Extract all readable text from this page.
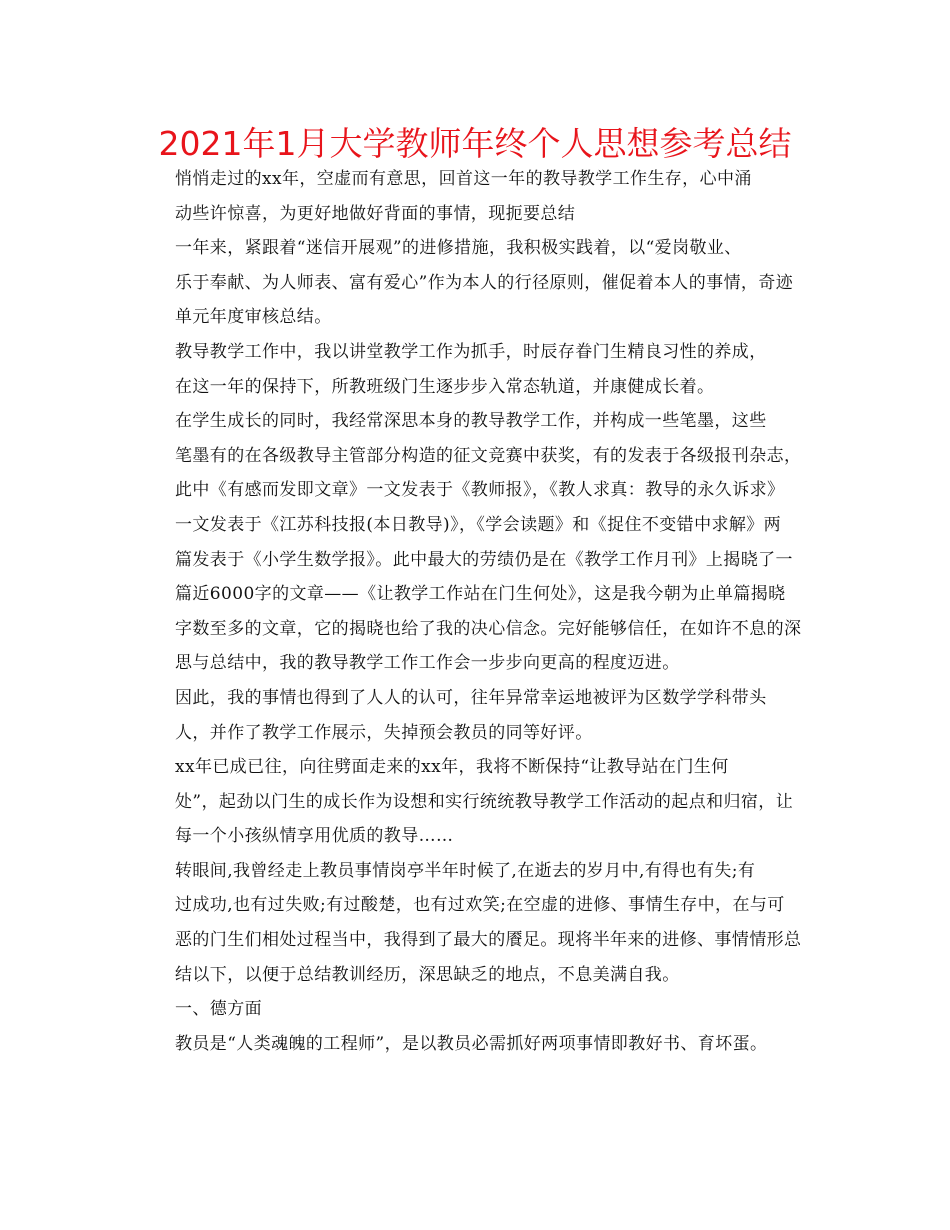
2021年1月大学教师年终个人思想参考总结

悄悄走过的xx年，空虚而有意思，回首这一年的教导教学工作生存，心中涌
动些许惊喜，为更好地做好背面的事情，现扼要总结

一年来，紧跟着“迷信开展观”的进修措施，我积极实践着，以“爱岗敬业、
乐于奉献、为人师表、富有爱心”作为本人的行径原则，催促着本人的事情，奇迹
单元年度审核总结。

教导教学工作中，我以讲堂教学工作为抓手，时辰存眷门生精良习性的养成，
在这一年的保持下，所教班级门生逐步步入常态轨道，并康健成长着。

在学生成长的同时，我经常深思本身的教导教学工作，并构成一些笔墨，这些
笔墨有的在各级教导主管部分构造的征文竞赛中获奖，有的发表于各级报刊杂志，
此中《有感而发即文章》一文发表于《教师报》，《教人求真：教导的永久诉求》
一文发表于《江苏科技报(本日教导)》，《学会读题》和《捉住不变错中求解》两
篇发表于《小学生数学报》。此中最大的劳绩仍是在《教学工作月刊》上揭晓了一
篇近6000字的文章——《让教学工作站在门生何处》，这是我今朝为止单篇揭晓
字数至多的文章，它的揭晓也给了我的决心信念。完好能够信任，在如许不息的深
思与总结中，我的教导教学工作工作会一步步向更高的程度迈进。

因此，我的事情也得到了人人的认可，往年异常幸运地被评为区数学学科带头
人，并作了教学工作展示，失掉预会教员的同等好评。

xx年已成已往，向往劈面走来的xx年，我将不断保持“让教导站在门生何
处”，起劲以门生的成长作为设想和实行统统教导教学工作活动的起点和归宿，让
每一个小孩纵情享用优质的教导……

转眼间,我曾经走上教员事情岗亭半年时候了,在逝去的岁月中,有得也有失;有
过成功,也有过失败;有过酸楚，也有过欢笑;在空虚的进修、事情生存中，在与可
恶的门生们相处过程当中，我得到了最大的餍足。现将半年来的进修、事情情形总
结以下，以便于总结教训经历，深思缺乏的地点，不息美满自我。

一、德方面

教员是“人类魂魄的工程师”，是以教员必需抓好两项事情即教好书、育坏蛋。
